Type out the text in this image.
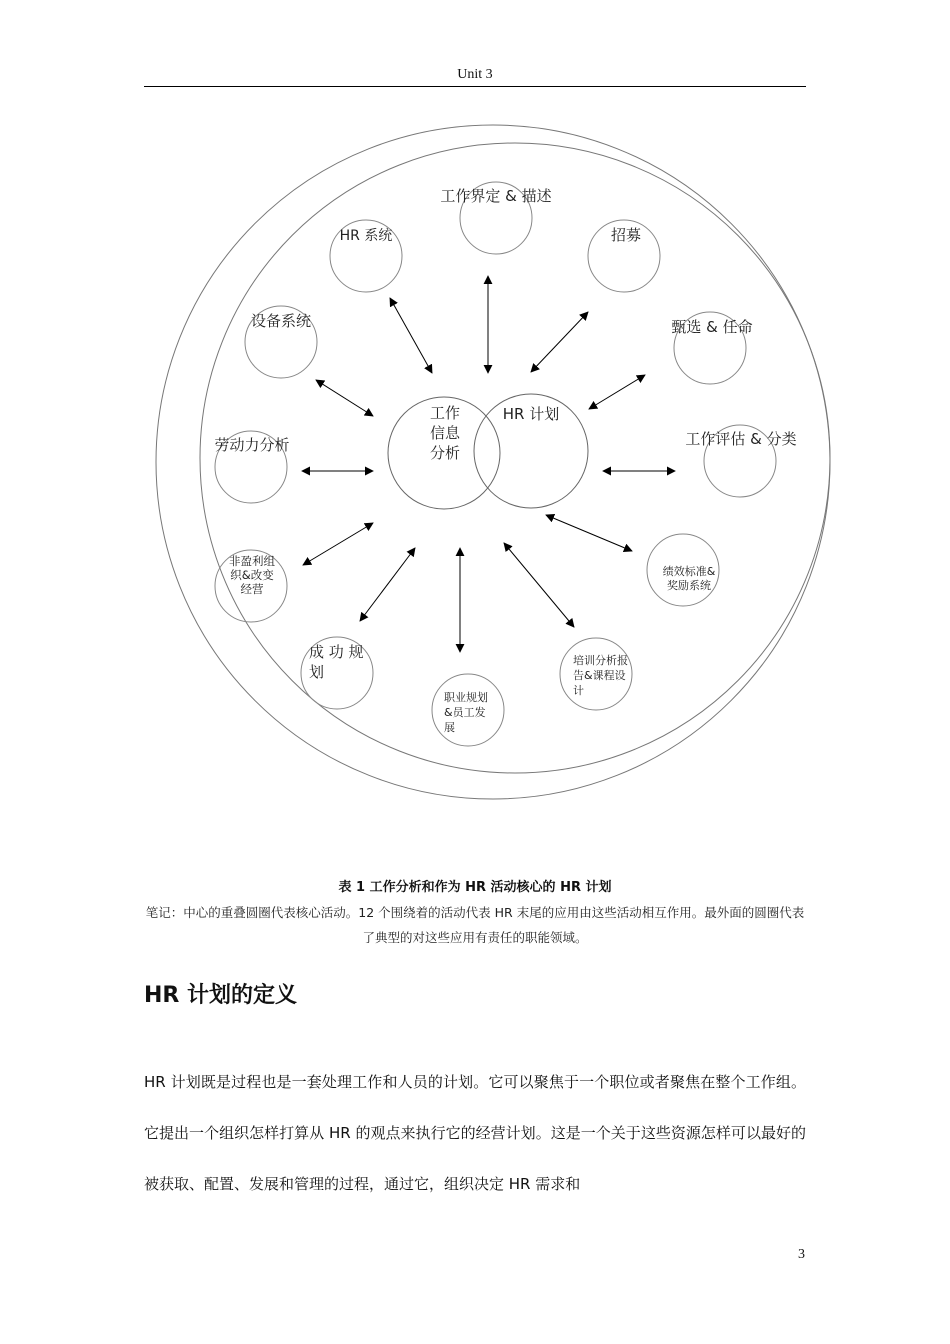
Unit 3
工作
信息
分析
HR 计划
工作界定 & 描述
HR 系统	招募
设备系统	甄选 & 任命
劳动力分析	工作评估 & 分类
非盈利组
织&改变
经营
绩效标准&
奖励系统
成 功 规
划
培训分析报
告&课程设
计
职业规划
&员工发
展
表 1 工作分析和作为 HR 活动核心的 HR 计划
笔记：中心的重叠圆圈代表核心活动。12 个围绕着的活动代表 HR 末尾的应用由这些活动相互作用。最外面的圆圈代表了典型的对这些应用有责任的职能领域。
HR 计划的定义
HR 计划既是过程也是一套处理工作和人员的计划。它可以聚焦于一个职位或者聚焦在整个工作组。它提出一个组织怎样打算从 HR 的观点来执行它的经营计划。这是一个关于这些资源怎样可以最好的被获取、配置、发展和管理的过程，通过它，组织决定 HR 需求和
3
